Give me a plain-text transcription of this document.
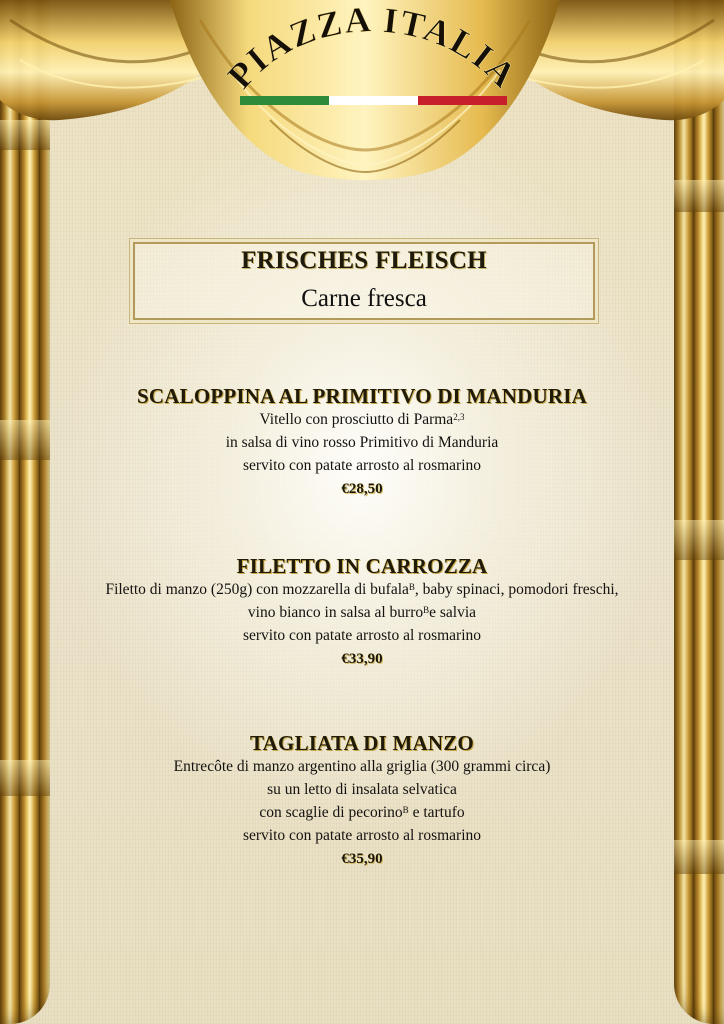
PIAZZA ITALIA
FRISCHES FLEISCH
Carne fresca
SCALOPPINA AL PRIMITIVO DI MANDURIA
Vitello con prosciutto di Parma$^{2,3}$
in salsa di vino rosso Primitivo di Manduria
servito con patate arrosto al rosmarino
€28,50
FILETTO IN CARROZZA
Filetto di manzo (250g) con mozzarella di bufala$^B$, baby spinaci, pomodori freschi,
vino bianco in salsa al burro$^B$e salvia
servito con patate arrosto al rosmarino
€33,90
TAGLIATA DI MANZO
Entrecôte di manzo argentino alla griglia (300 grammi circa)
su un letto di insalata selvatica
con scaglie di pecorino$^B$ e tartufo
servito con patate arrosto al rosmarino
€35,90
